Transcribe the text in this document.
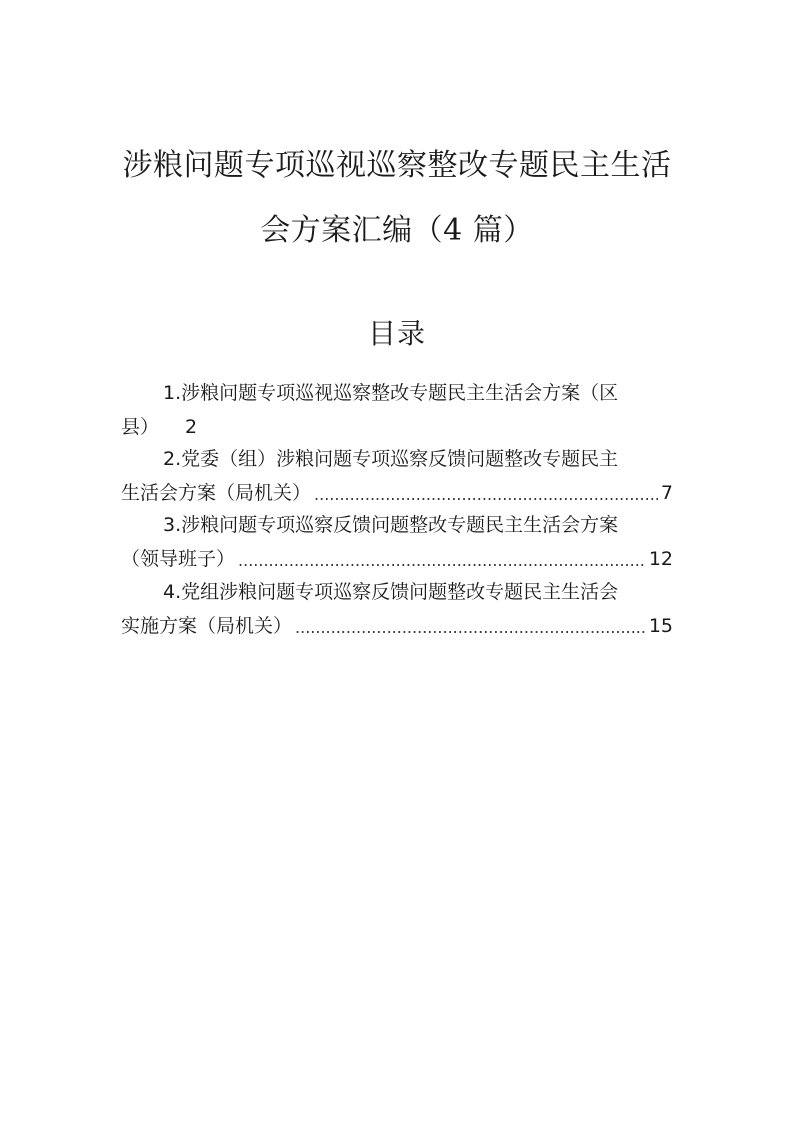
涉粮问题专项巡视巡察整改专题民主生活
会方案汇编（4 篇）
目录
1.涉粮问题专项巡视巡察整改专题民主生活会方案（区
县） 2
2.党委（组）涉粮问题专项巡察反馈问题整改专题民主
生活会方案（局机关） .....	7
3.涉粮问题专项巡察反馈问题整改专题民主生活会方案
（领导班子） .....	12
4.党组涉粮问题专项巡察反馈问题整改专题民主生活会
实施方案（局机关） .....	15
